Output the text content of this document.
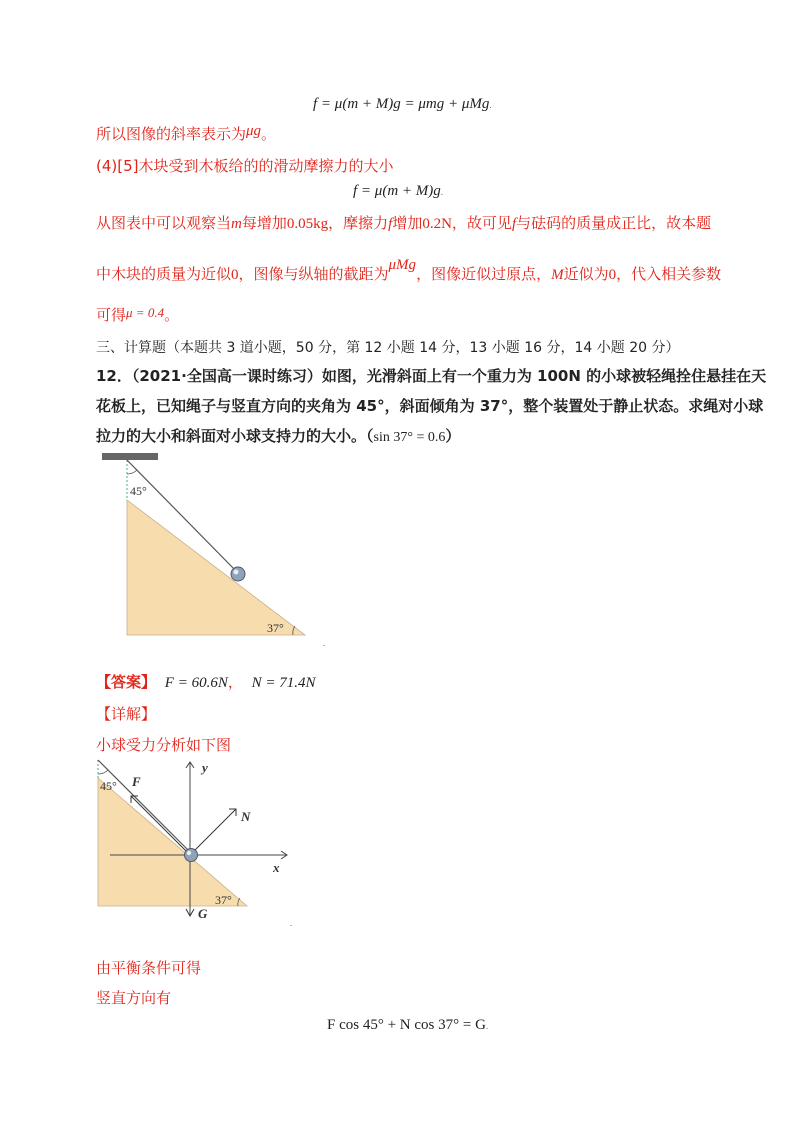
f = μ(m + M)g = μmg + μMg.
所以图像的斜率表示为μg。
(4)[5]木块受到木板给的的滑动摩擦力的大小
f = μ(m + M)g.
从图表中可以观察当m每增加0.05kg，摩擦力f增加0.2N，故可见f与砝码的质量成正比，故本题
中木块的质量为近似0，图像与纵轴的截距为μMg，图像近似过原点，M近似为0，代入相关参数
可得μ = 0.4。
三、计算题（本题共 3 道小题，50 分，第 12 小题 14 分，13 小题 16 分，14 小题 20 分）
12．（2021·全国高一课时练习）如图，光滑斜面上有一个重力为 100N 的小球被轻绳拴住悬挂在天
花板上，已知绳子与竖直方向的夹角为 45°，斜面倾角为 37°，整个装置处于静止状态。求绳对小球
拉力的大小和斜面对小球支持力的大小。（sin 37° = 0.6）
45°
37°
.
【答案】 F = 60.6N， N = 71.4N
【详解】
小球受力分析如下图
45°
x
y
F
N
G
37°
.
由平衡条件可得
竖直方向有
F cos 45° + N cos 37° = G.
